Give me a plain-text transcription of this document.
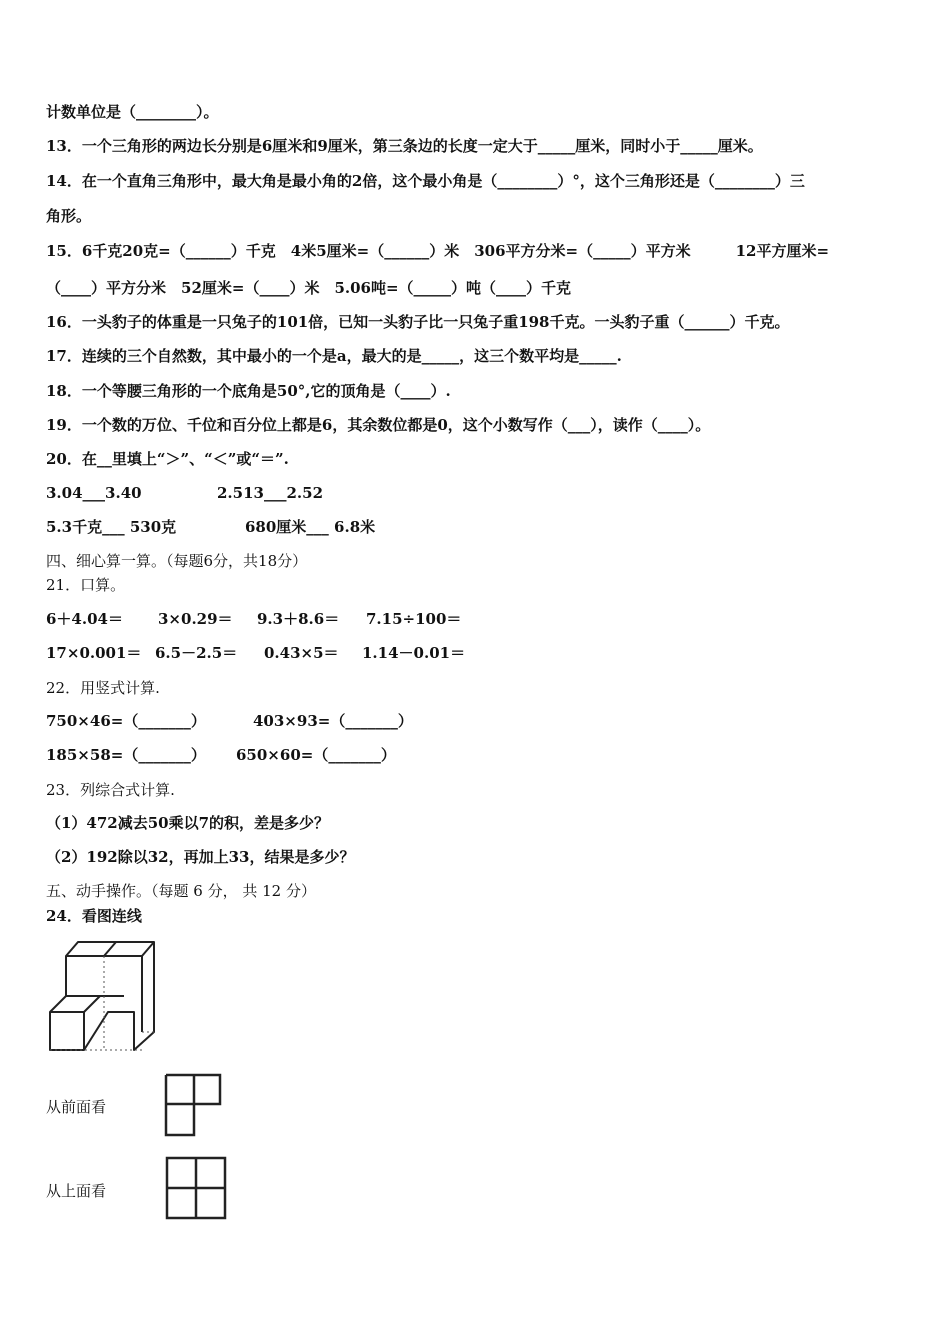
计数单位是（________）。
13．一个三角形的两边长分别是6厘米和9厘米，第三条边的长度一定大于_____厘米，同时小于_____厘米。
14．在一个直角三角形中，最大角是最小角的2倍，这个最小角是（________）°，这个三角形还是（________）三
角形。
15．6千克20克=（______）千克　4米5厘米=（______）米　306平方分米=（_____）平方米　　　12平方厘米=
（____）平方分米　52厘米=（____）米　5.06吨=（_____）吨（____）千克
16．一头豹子的体重是一只兔子的101倍，已知一头豹子比一只兔子重198千克。一头豹子重（______）千克。
17．连续的三个自然数，其中最小的一个是a，最大的是_____，这三个数平均是_____.
18．一个等腰三角形的一个底角是50°,它的顶角是（____）.
19．一个数的万位、千位和百分位上都是6，其余数位都是0，这个小数写作（___），读作（____）。
20．在__里填上“＞”、“＜”或“＝”.
3.04___3.40	2.513___2.52
5.3千克___ 530克	680厘米___ 6.8米
四、细心算一算。（每题6分，共18分）
21．口算。
6＋4.04＝ 3×0.29＝ 9.3＋8.6＝ 7.15÷100＝
17×0.001＝ 6.5－2.5＝ 0.43×5＝ 1.14－0.01＝
22．用竖式计算.
750×46=（_______）	403×93=（_______）
185×58=（_______） 650×60=（_______）
23．列综合式计算.
（1）472减去50乘以7的积，差是多少？
（2）192除以32，再加上33，结果是多少？
五、动手操作。（每题 6 分， 共 12 分）
24．看图连线
从前面看
从上面看
